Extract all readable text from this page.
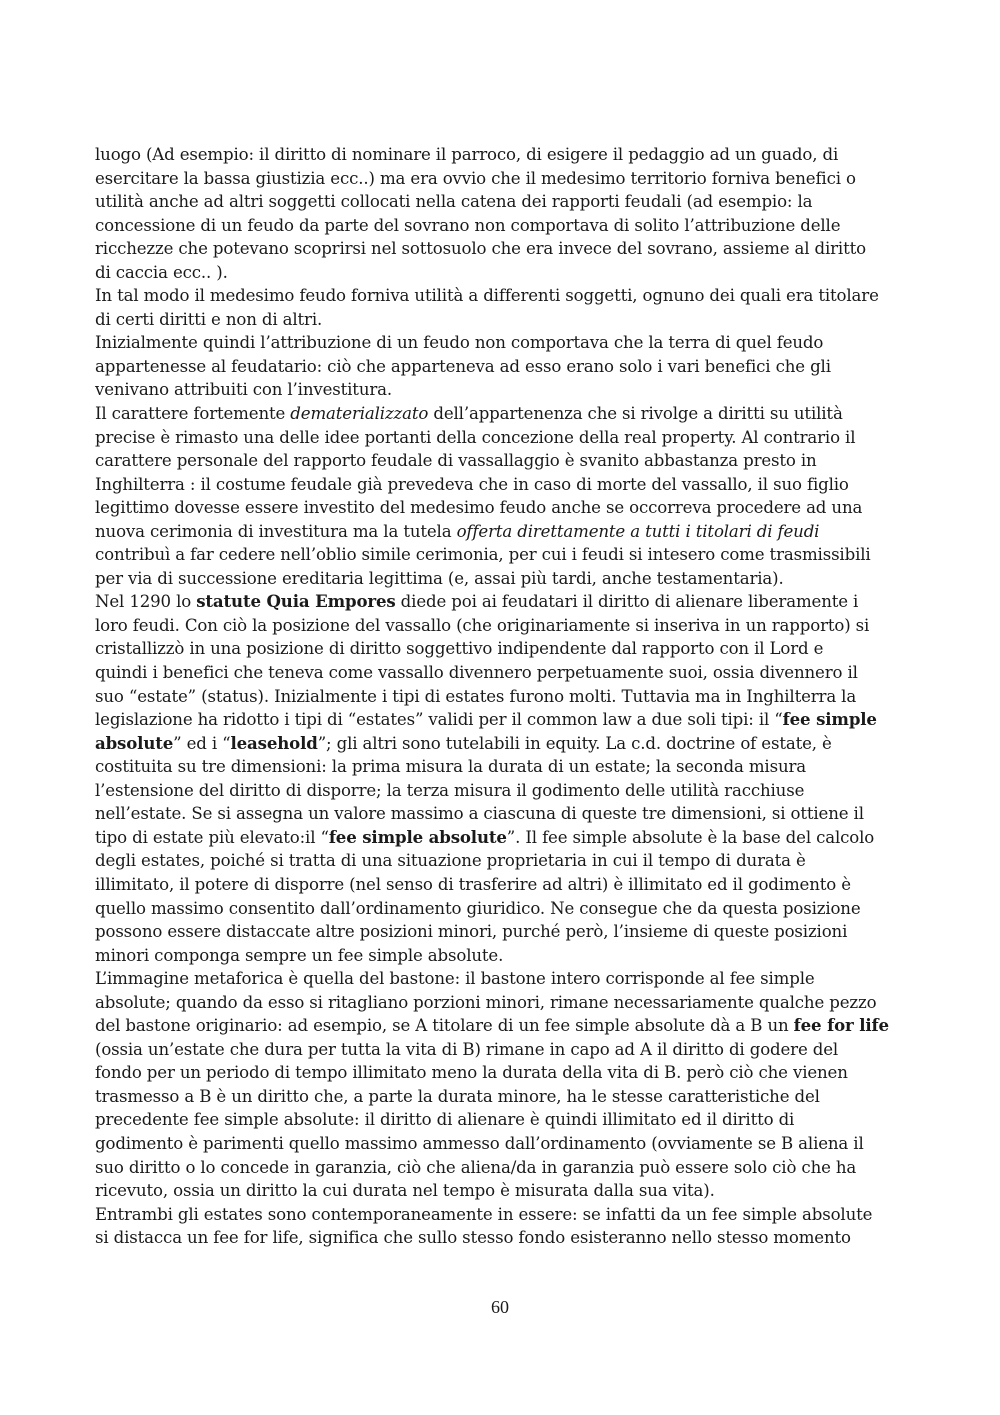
luogo (Ad esempio: il diritto di nominare il parroco, di esigere il pedaggio ad un guado, di
esercitare la bassa giustizia ecc..) ma era ovvio che il medesimo territorio forniva benefici o
utilità anche ad altri soggetti collocati nella catena dei rapporti feudali (ad esempio: la
concessione di un feudo da parte del sovrano non comportava di solito l’attribuzione delle
ricchezze che potevano scoprirsi nel sottosuolo che era invece del sovrano, assieme al diritto
di caccia ecc.. ).
In tal modo il medesimo feudo forniva utilità a differenti soggetti, ognuno dei quali era titolare
di certi diritti e non di altri.
Inizialmente quindi l’attribuzione di un feudo non comportava che la terra di quel feudo
appartenesse al feudatario: ciò che apparteneva ad esso erano solo i vari benefici che gli
venivano attribuiti con l’investitura.
Il carattere fortemente dematerializzato dell’appartenenza che si rivolge a diritti su utilità
precise è rimasto una delle idee portanti della concezione della real property. Al contrario il
carattere personale del rapporto feudale di vassallaggio è svanito abbastanza presto in
Inghilterra : il costume feudale già prevedeva che in caso di morte del vassallo, il suo figlio
legittimo dovesse essere investito del medesimo feudo anche se occorreva procedere ad una
nuova cerimonia di investitura ma la tutela offerta direttamente a tutti i titolari di feudi
contribuì a far cedere nell’oblio simile cerimonia, per cui i feudi si intesero come trasmissibili
per via di successione ereditaria legittima (e, assai più tardi, anche testamentaria).
Nel 1290 lo statute Quia Empores diede poi ai feudatari il diritto di alienare liberamente i
loro feudi. Con ciò la posizione del vassallo (che originariamente si inseriva in un rapporto) si
cristallizzò in una posizione di diritto soggettivo indipendente dal rapporto con il Lord e
quindi i benefici che teneva come vassallo divennero perpetuamente suoi, ossia divennero il
suo “estate” (status). Inizialmente i tipi di estates furono molti. Tuttavia ma in Inghilterra la
legislazione ha ridotto i tipi di “estates” validi per il common law a due soli tipi: il “fee simple
absolute” ed i “leasehold”; gli altri sono tutelabili in equity. La c.d. doctrine of estate, è
costituita su tre dimensioni: la prima misura la durata di un estate; la seconda misura
l’estensione del diritto di disporre; la terza misura il godimento delle utilità racchiuse
nell’estate. Se si assegna un valore massimo a ciascuna di queste tre dimensioni, si ottiene il
tipo di estate più elevato:il “fee simple absolute”. Il fee simple absolute è la base del calcolo
degli estates, poiché si tratta di una situazione proprietaria in cui il tempo di durata è
illimitato, il potere di disporre (nel senso di trasferire ad altri) è illimitato ed il godimento è
quello massimo consentito dall’ordinamento giuridico. Ne consegue che da questa posizione
possono essere distaccate altre posizioni minori, purché però, l’insieme di queste posizioni
minori componga sempre un fee simple absolute.
L’immagine metaforica è quella del bastone: il bastone intero corrisponde al fee simple
absolute; quando da esso si ritagliano porzioni minori, rimane necessariamente qualche pezzo
del bastone originario: ad esempio, se A titolare di un fee simple absolute dà a B un fee for life
(ossia un’estate che dura per tutta la vita di B) rimane in capo ad A il diritto di godere del
fondo per un periodo di tempo illimitato meno la durata della vita di B. però ciò che vienen
trasmesso a B è un diritto che, a parte la durata minore, ha le stesse caratteristiche del
precedente fee simple absolute: il diritto di alienare è quindi illimitato ed il diritto di
godimento è parimenti quello massimo ammesso dall’ordinamento (ovviamente se B aliena il
suo diritto o lo concede in garanzia, ciò che aliena/da in garanzia può essere solo ciò che ha
ricevuto, ossia un diritto la cui durata nel tempo è misurata dalla sua vita).
Entrambi gli estates sono contemporaneamente in essere: se infatti da un fee simple absolute
si distacca un fee for life, significa che sullo stesso fondo esisteranno nello stesso momento
60
